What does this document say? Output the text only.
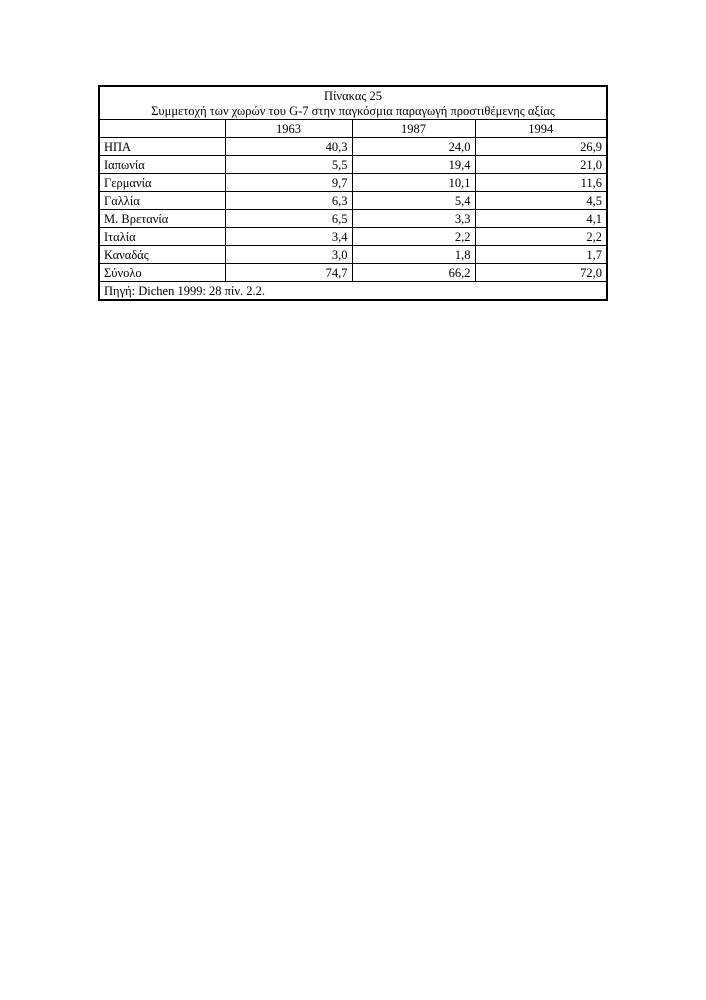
Πίνακας 25
Συμμετοχή των χωρών του G-7 στην παγκόσμια παραγωγή προστιθέμενης αξίας			

	1963	1987	1994
ΗΠΑ	40,3	24,0	26,9
Ιαπωνία	5,5	19,4	21,0
Γερμανία	9,7	10,1	11,6
Γαλλία	6,3	5,4	4,5
Μ. Βρετανία	6,5	3,3	4,1
Ιταλία	3,4	2,2	2,2
Καναδάς	3,0	1,8	1,7
Σύνολο	74,7	66,2	72,0
Πηγή: Dichen 1999: 28 πίν. 2.2.			
